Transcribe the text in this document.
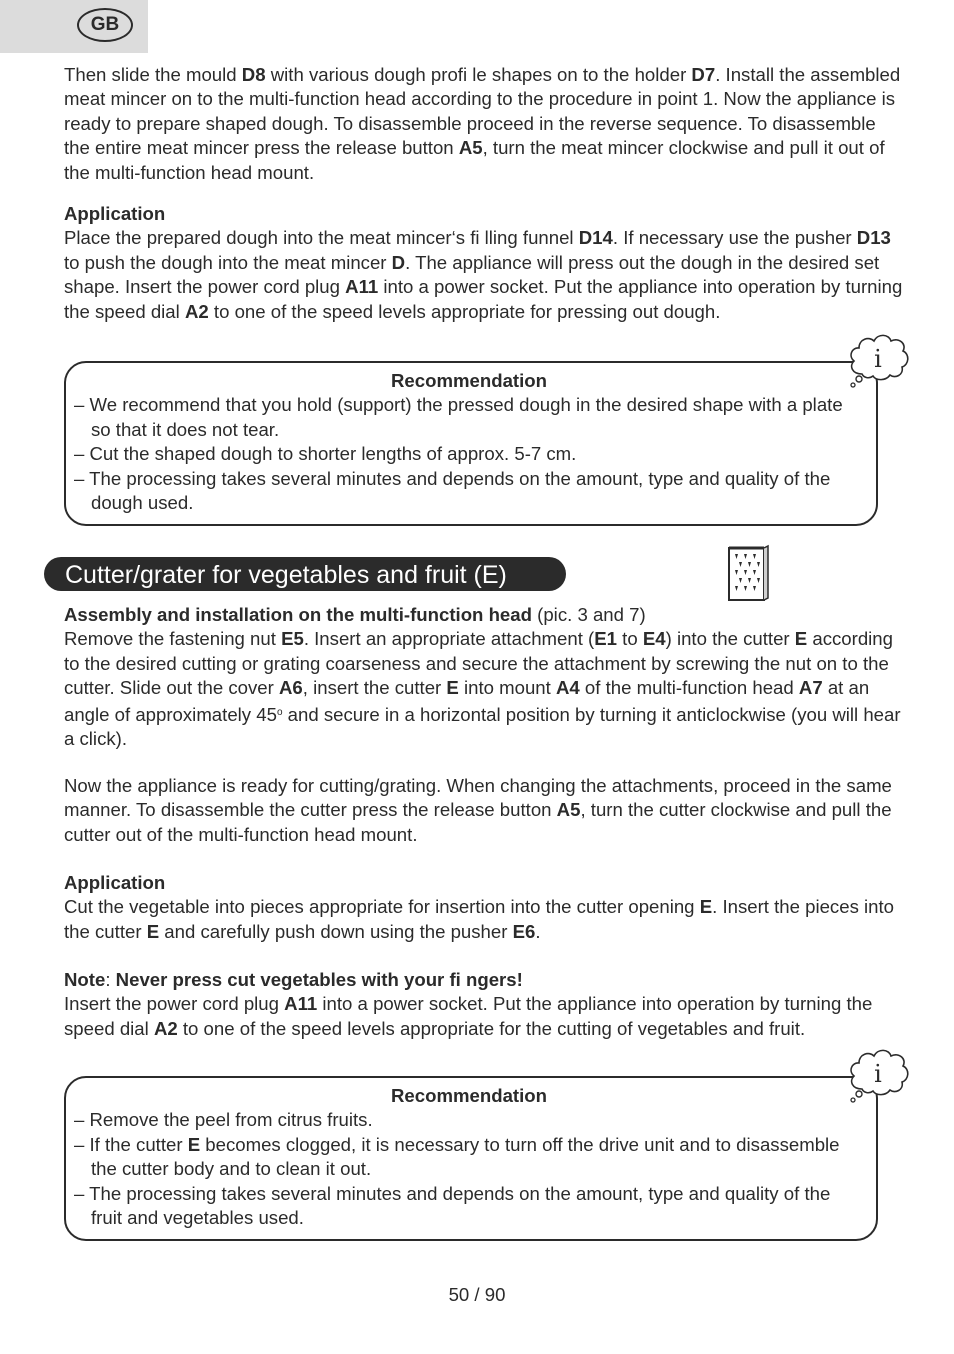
GB

Then slide the mould D8 with various dough profi le shapes on to the holder D7. Install the assembled meat mincer on to the multi-function head according to the procedure in point 1. Now the appliance is ready to prepare shaped dough. To disassemble proceed in the reverse sequence. To disassemble the entire meat mincer press the release button A5, turn the meat mincer clockwise and pull it out of the multi-function head mount.

Application
Place the prepared dough into the meat mincer‘s fi lling funnel D14. If necessary use the pusher D13 to push the dough into the meat mincer D. The appliance will press out the dough in the desired set shape. Insert the power cord plug A11 into a power socket. Put the appliance into operation by turning the speed dial A2 to one of the speed levels appropriate for pressing out dough.

Recommendation
– We recommend that you hold (support) the pressed dough in the desired shape with a plate so that it does not tear.
– Cut the shaped dough to shorter lengths of approx. 5-7 cm.
– The processing takes several minutes and depends on the amount, type and quality of the dough used.
i
Cutter/grater for vegetables and fruit (E)

Assembly and installation on the multi-function head (pic. 3 and 7)
Remove the fastening nut E5. Insert an appropriate attachment (E1 to E4) into the cutter E according to the desired cutting or grating coarseness and secure the attachment by screwing the nut on to the cutter. Slide out the cover A6, insert the cutter E into mount A4 of the multi-function head A7 at an angle of approximately 45$^o$ and secure in a horizontal position by turning it anticlockwise (you will hear a click).

Now the appliance is ready for cutting/grating. When changing the attachments, proceed in the same manner. To disassemble the cutter press the release button A5, turn the cutter clockwise and pull the cutter out of the multi-function head mount.

Application
Cut the vegetable into pieces appropriate for insertion into the cutter opening E. Insert the pieces into the cutter E and carefully push down using the pusher E6.

Note: Never press cut vegetables with your fi ngers!
Insert the power cord plug A11 into a power socket. Put the appliance into operation by turning the speed dial A2 to one of the speed levels appropriate for the cutting of vegetables and fruit.

Recommendation
– Remove the peel from citrus fruits.
– If the cutter E becomes clogged, it is necessary to turn off the drive unit and to disassemble the cutter body and to clean it out.
– The processing takes several minutes and depends on the amount, type and quality of the fruit and vegetables used.
i
50 / 90
